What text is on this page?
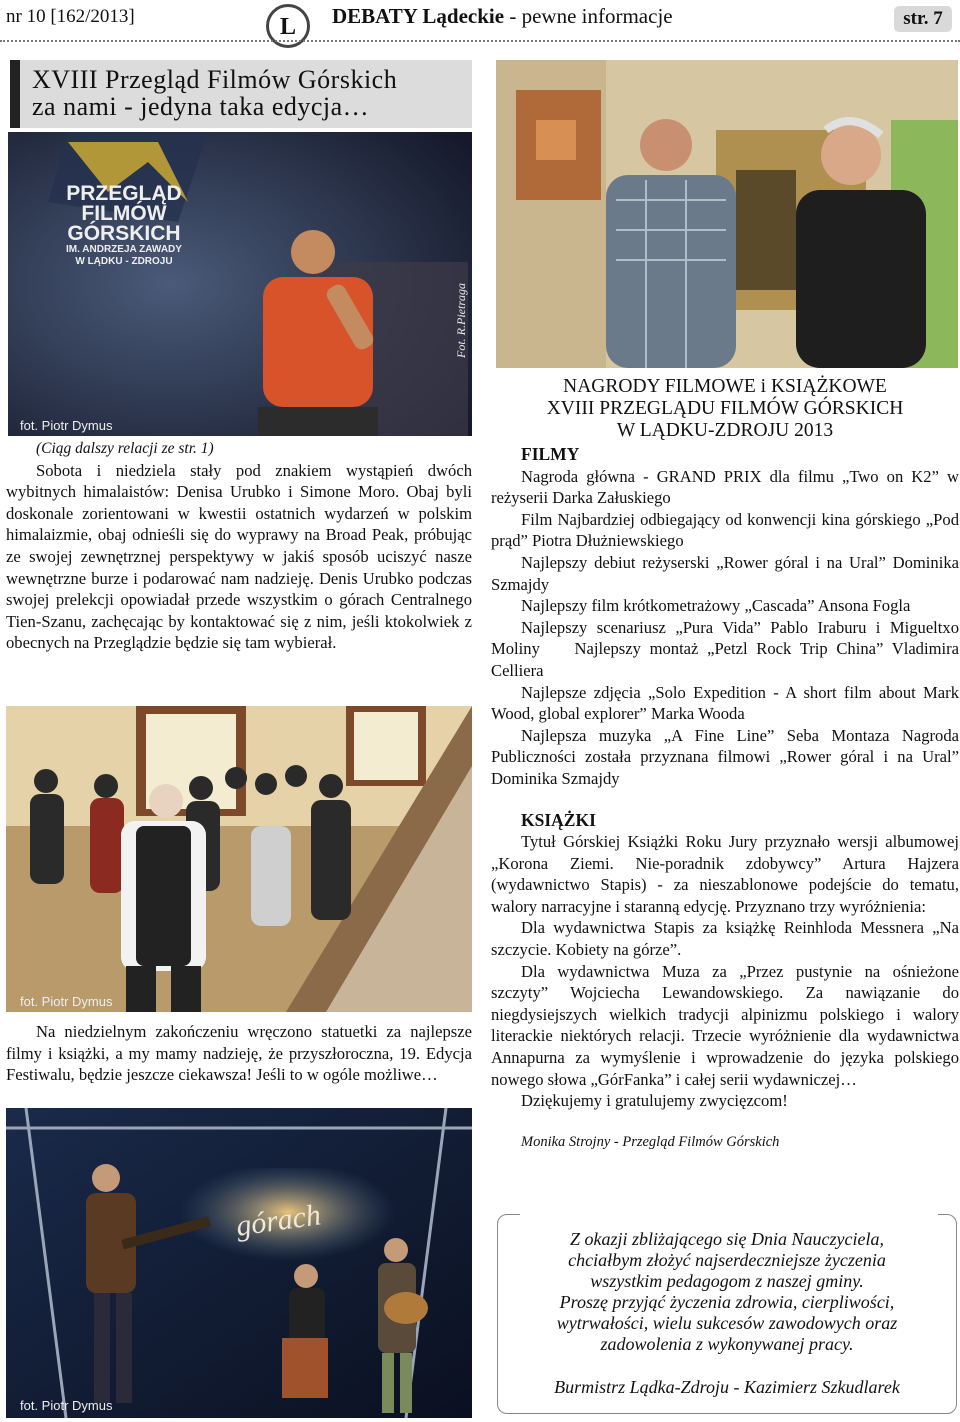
nr 10 [162/2013]	L	DEBATY Lądeckie - pewne informacje	str. 7
XVIII Przegląd Filmów Górskich
za nami - jedyna taka edycja…
PRZEGLĄD
FILMÓW
GÓRSKICH
IM. ANDRZEJA ZAWADY
W LĄDKU - ZDROJU
fot. Piotr Dymus
Fot. R.Pietraga

(Ciąg dalszy relacji ze str. 1)

Sobota i niedziela stały pod znakiem wystąpień dwóch wybitnych himalaistów: Denisa Urubko i Simone Moro. Obaj byli doskonale zorientowani w kwestii ostatnich wydarzeń w polskim himalaizmie, obaj odnieśli się do wyprawy na Broad Peak, próbując ze swojej zewnętrznej perspektywy w jakiś sposób uciszyć nasze wewnętrzne burze i podarować nam nadzieję. Denis Urubko podczas swojej prelekcji opowiadał przede wszystkim o górach Centralnego Tien-Szanu, zachęcając by kontaktować się z nim, jeśli ktokolwiek z obecnych na Przeglądzie będzie się tam wybierał.

fot. Piotr Dymus

Na niedzielnym zakończeniu wręczono statuetki za najlepsze filmy i książki, a my mamy nadzieję, że przyszłoroczna, 19. Edycja Festiwalu, będzie jeszcze ciekawsza! Jeśli to w ogóle możliwe…

górach
fot. Piotr Dymus
NAGRODY FILMOWE i KSIĄŻKOWE
XVIII PRZEGLĄDU FILMÓW GÓRSKICH
W LĄDKU-ZDROJU 2013
FILMY

Nagroda główna - GRAND PRIX dla filmu „Two on K2” w reżyserii Darka Załuskiego

Film Najbardziej odbiegający od konwencji kina górskiego „Pod prąd” Piotra Dłużniewskiego

Najlepszy debiut reżyserski „Rower góral i na Ural” Dominika Szmajdy

Najlepszy film krótkometrażowy „Cascada” Ansona Fogla

Najlepszy scenariusz „Pura Vida” Pablo Iraburu i Migueltxo Moliny    Najlepszy montaż „Petzl Rock Trip China” Vladimira Celliera

Najlepsze zdjęcia „Solo Expedition - A short film about Mark Wood, global explorer” Marka Wooda

Najlepsza muzyka „A Fine Line” Seba Montaza Nagroda Publiczności została przyznana filmowi „Rower góral i na Ural” Dominika Szmajdy

KSIĄŻKI

Tytuł Górskiej Książki Roku Jury przyznało wersji albumowej „Korona Ziemi. Nie-poradnik zdobywcy” Artura Hajzera (wydawnictwo Stapis) - za nieszablonowe podejście do tematu, walory narracyjne i staranną edycję. Przyznano trzy wyróżnienia:

Dla wydawnictwa Stapis za książkę Reinhloda Messnera „Na szczycie. Kobiety na górze”.

Dla wydawnictwa Muza za „Przez pustynie na ośnieżone szczyty” Wojciecha Lewandowskiego. Za nawiązanie do niegdysiejszych wielkich tradycji alpinizmu polskiego i walory literackie niektórych relacji. Trzecie wyróżnienie dla wydawnictwa Annapurna za wymyślenie i wprowadzenie do języka polskiego nowego słowa „GórFanka” i całej serii wydawniczej…

Dziękujemy i gratulujemy zwycięzcom!

Monika Strojny - Przegląd Filmów Górskich

Z okazji zbliżającego się Dnia Nauczyciela,
chciałbym złożyć najserdeczniejsze życzenia
wszystkim pedagogom z naszej gminy.
Proszę przyjąć życzenia zdrowia, cierpliwości,
wytrwałości, wielu sukcesów zawodowych oraz
zadowolenia z wykonywanej pracy.
Burmistrz Lądka-Zdroju - Kazimierz Szkudlarek
